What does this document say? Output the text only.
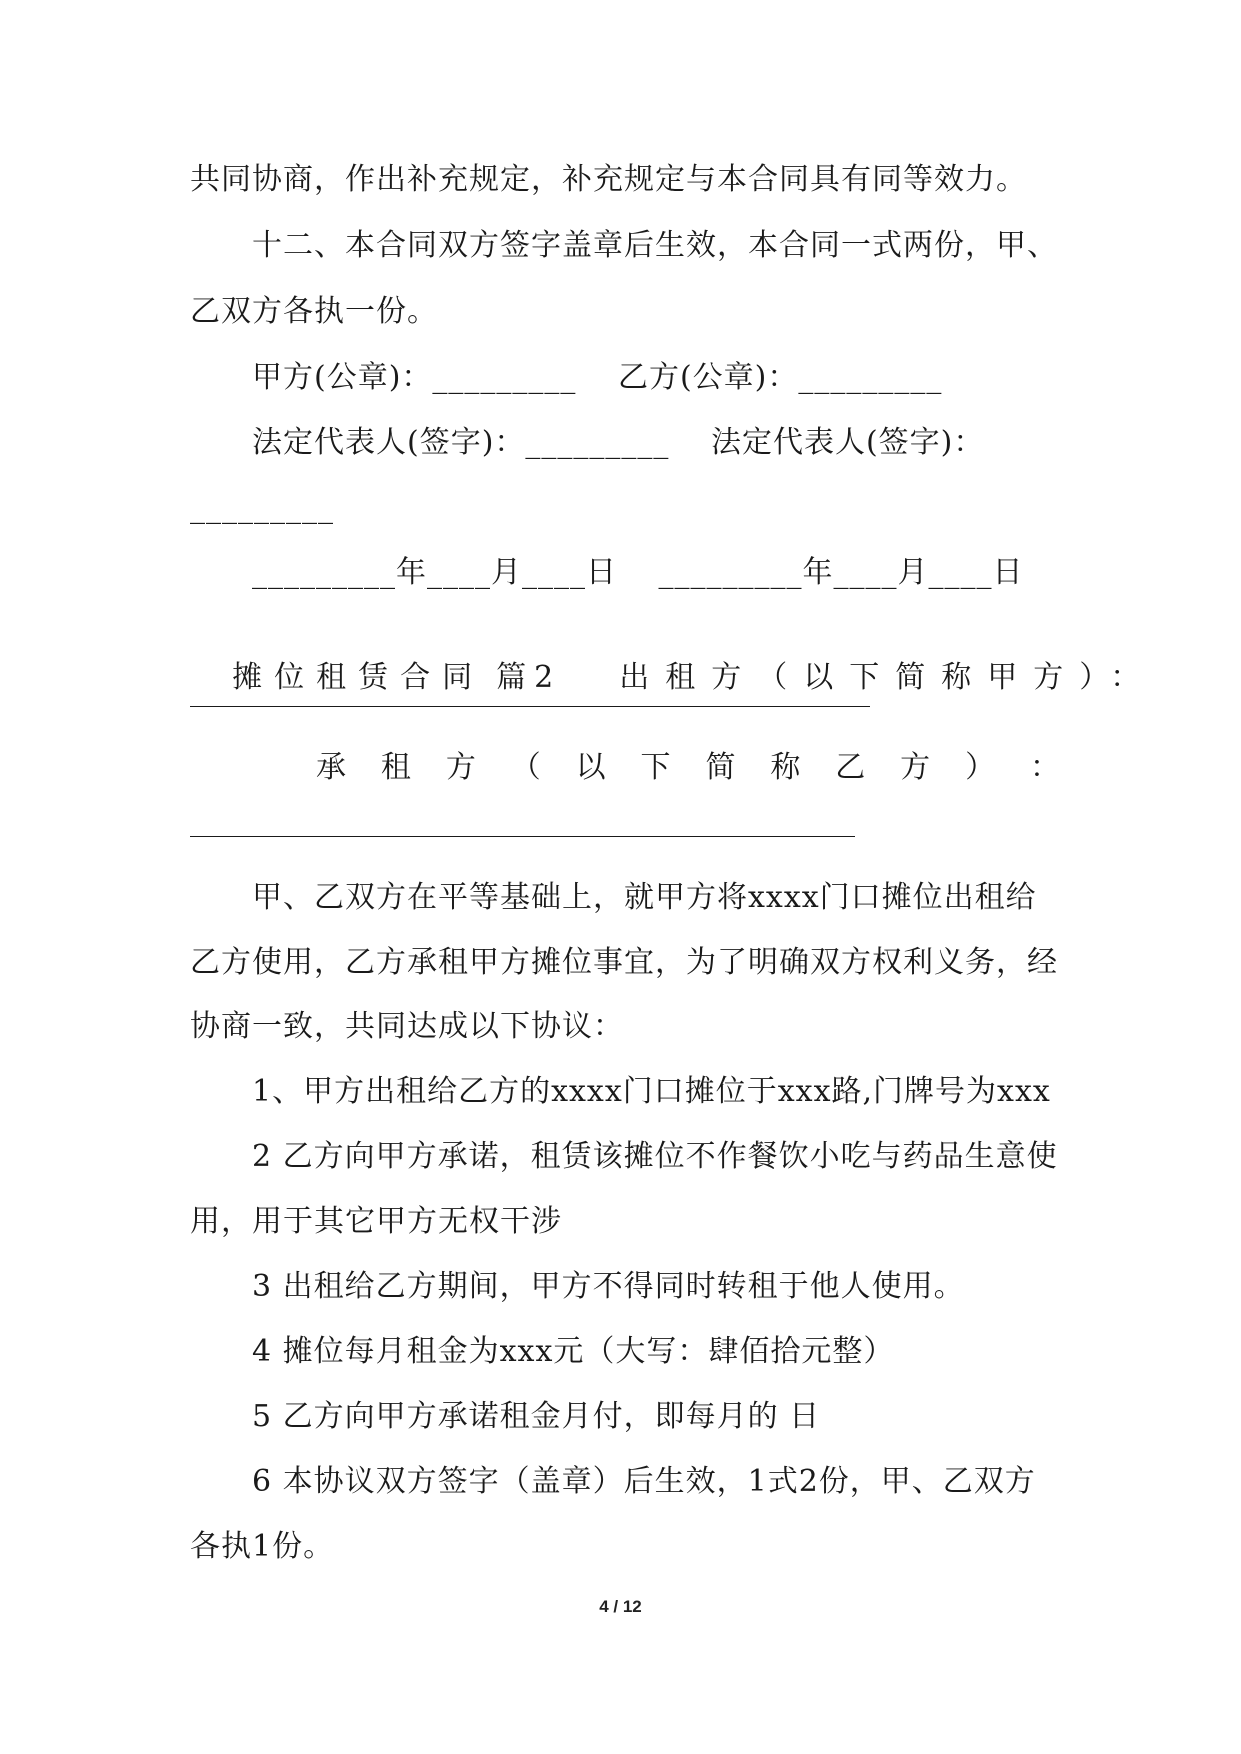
共同协商，作出补充规定，补充规定与本合同具有同等效力。
十二、本合同双方签字盖章后生效，本合同一式两份，甲、
乙双方各执一份。
甲方(公章)：_________　 乙方(公章)：_________
法定代表人(签字)：_________　 法定代表人(签字)：
_________
_________年____月____日　 _________年____月____日

摊位租赁合同 篇2 出租方（以下简称甲方）：

承 租 方 （ 以 下 简 称 乙 方 ） ：
甲、乙双方在平等基础上，就甲方将xxxx门口摊位出租给
乙方使用，乙方承租甲方摊位事宜，为了明确双方权利义务，经
协商一致，共同达成以下协议：
1、甲方出租给乙方的xxxx门口摊位于xxx路,门牌号为xxx
2 乙方向甲方承诺，租赁该摊位不作餐饮小吃与药品生意使
用，用于其它甲方无权干涉
3 出租给乙方期间，甲方不得同时转租于他人使用。
4 摊位每月租金为xxx元（大写：肆佰拾元整）
5 乙方向甲方承诺租金月付，即每月的 日
6 本协议双方签字（盖章）后生效，1式2份，甲、乙双方
各执1份。
4 / 12
